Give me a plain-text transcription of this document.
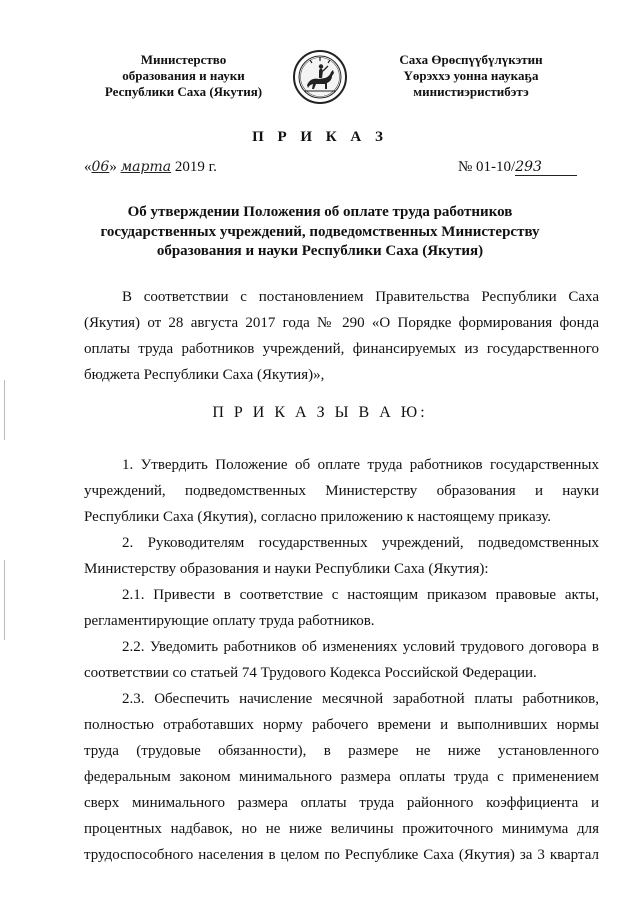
Министерство
образования и науки
Республики Саха (Якутия)
Саха Өрөспүүбүлүкэтин
Үөрэххэ уонна наукаҕа
министиэристибэтэ
П Р И К А З
«06» марта 2019 г.	№ 01-10/293
Об утверждении Положения об оплате труда работников
государственных учреждений, подведомственных Министерству
образования и науки Республики Саха (Якутия)
В соответствии с постановлением Правительства Республики Саха
(Якутия) от 28 августа 2017 года № 290 «О Порядке формирования фонда
оплаты труда работников учреждений, финансируемых из государственного
бюджета Республики Саха (Якутия)»,
П Р И К А З Ы В А Ю:
1. Утвердить Положение об оплате труда работников государственных
учреждений, подведомственных Министерству образования и науки
Республики Саха (Якутия), согласно приложению к настоящему приказу.
2. Руководителям государственных учреждений, подведомственных
Министерству образования и науки Республики Саха (Якутия):
2.1. Привести в соответствие с настоящим приказом правовые акты,
регламентирующие оплату труда работников.
2.2. Уведомить работников об изменениях условий трудового договора в
соответствии со статьей 74 Трудового Кодекса Российской Федерации.
2.3. Обеспечить начисление месячной заработной платы работников,
полностью отработавших норму рабочего времени и выполнивших нормы
труда (трудовые обязанности), в размере не ниже установленного
федеральным законом минимального размера оплаты труда с применением
сверх минимального размера оплаты труда районного коэффициента и
процентных надбавок, но не ниже величины прожиточного минимума для
трудоспособного населения в целом по Республике Саха (Якутия) за 3 квартал
